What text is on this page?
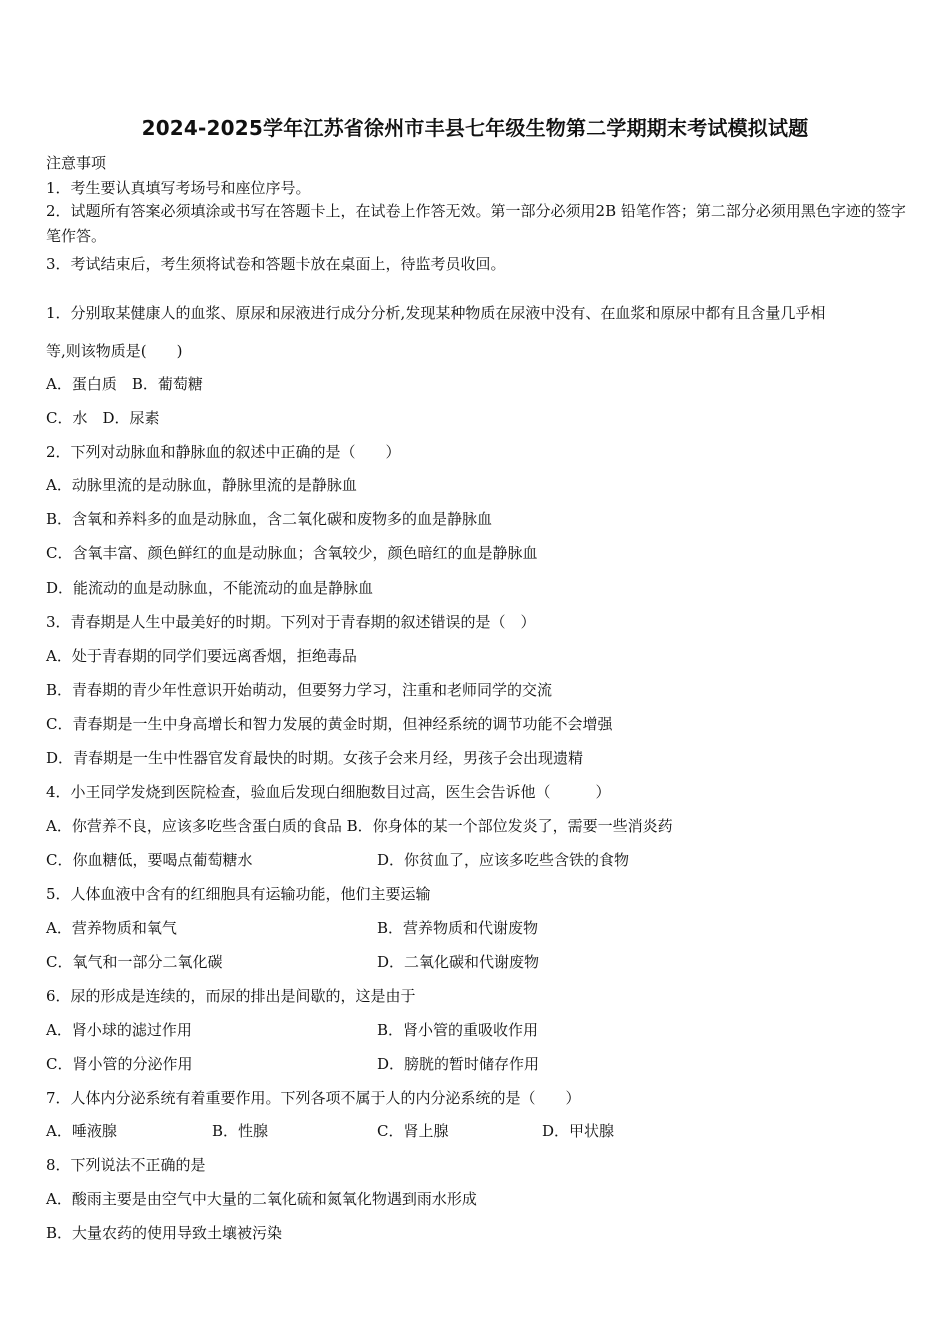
2024-2025学年江苏省徐州市丰县七年级生物第二学期期末考试模拟试题
注意事项
1．考生要认真填写考场号和座位序号。
2．试题所有答案必须填涂或书写在答题卡上，在试卷上作答无效。第一部分必须用2B 铅笔作答；第二部分必须用黑色字迹的签字笔作答。
3．考试结束后，考生须将试卷和答题卡放在桌面上，待监考员收回。
1．分别取某健康人的血浆、原尿和尿液进行成分分析,发现某种物质在尿液中没有、在血浆和原尿中都有且含量几乎相
等,则该物质是(　　)
A．蛋白质　B．葡萄糖
C．水　D．尿素
2．下列对动脉血和静脉血的叙述中正确的是（　　）
A．动脉里流的是动脉血，静脉里流的是静脉血
B．含氧和养料多的血是动脉血，含二氧化碳和废物多的血是静脉血
C．含氧丰富、颜色鲜红的血是动脉血；含氧较少，颜色暗红的血是静脉血
D．能流动的血是动脉血，不能流动的血是静脉血
3．青春期是人生中最美好的时期。下列对于青春期的叙述错误的是（　）
A．处于青春期的同学们要远离香烟，拒绝毒品
B．青春期的青少年性意识开始萌动，但要努力学习，注重和老师同学的交流
C．青春期是一生中身高增长和智力发展的黄金时期，但神经系统的调节功能不会增强
D．青春期是一生中性器官发育最快的时期。女孩子会来月经，男孩子会出现遗精
4．小王同学发烧到医院检查，验血后发现白细胞数目过高，医生会告诉他（　　　）
A．你营养不良，应该多吃些含蛋白质的食品 B．你身体的某一个部位发炎了，需要一些消炎药
C．你血糖低，要喝点葡萄糖水	D．你贫血了，应该多吃些含铁的食物
5．人体血液中含有的红细胞具有运输功能，他们主要运输
A．营养物质和氧气	B．营养物质和代谢废物
C．氧气和一部分二氧化碳	D．二氧化碳和代谢废物
6．尿的形成是连续的，而尿的排出是间歇的，这是由于
A．肾小球的滤过作用	B．肾小管的重吸收作用
C．肾小管的分泌作用	D．膀胱的暂时储存作用
7．人体内分泌系统有着重要作用。下列各项不属于人的内分泌系统的是（　　）
A．唾液腺	B．性腺	C．肾上腺	D．甲状腺
8．下列说法不正确的是
A．酸雨主要是由空气中大量的二氧化硫和氮氧化物遇到雨水形成
B．大量农药的使用导致土壤被污染
